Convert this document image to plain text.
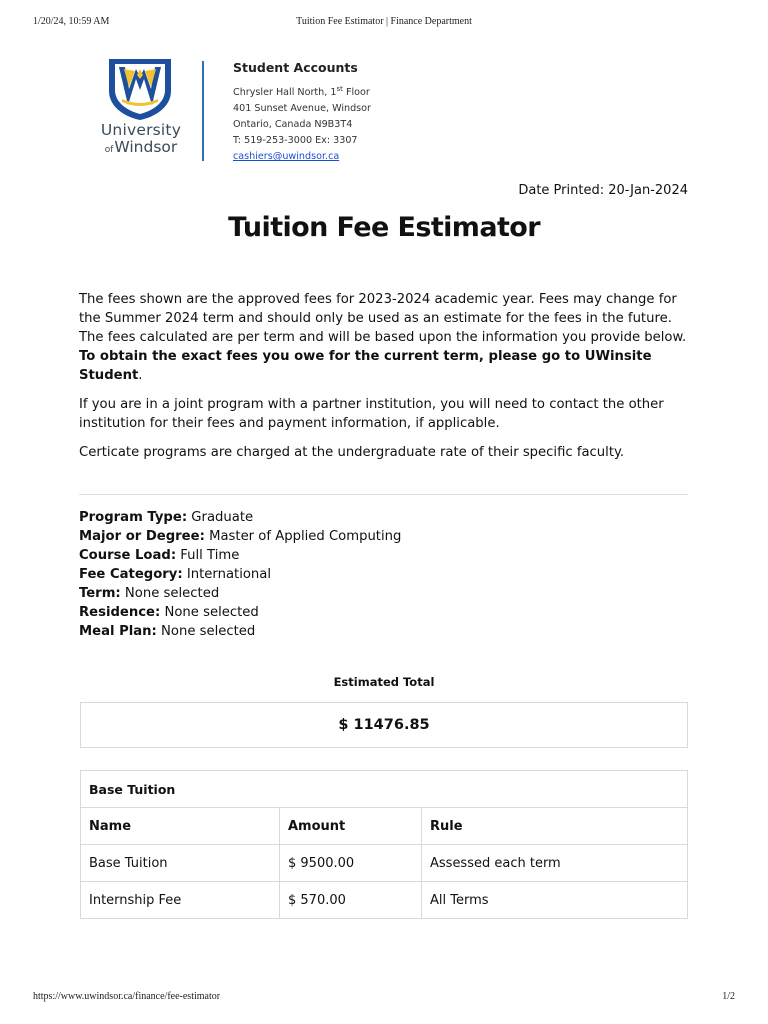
1/20/24, 10:59 AM	Tuition Fee Estimator | Finance Department
University
ofWindsor
Student Accounts
Chrysler Hall North, 1st Floor
401 Sunset Avenue, Windsor
Ontario, Canada N9B3T4
T: 519-253-3000 Ex: 3307
cashiers@uwindsor.ca
Date Printed: 20-Jan-2024
Tuition Fee Estimator

The fees shown are the approved fees for 2023-2024 academic year. Fees may change for the Summer 2024 term and should only be used as an estimate for the fees in the future. The fees calculated are per term and will be based upon the information you provide below. To obtain the exact fees you owe for the current term, please go to UWinsite Student.

If you are in a joint program with a partner institution, you will need to contact the other institution for their fees and payment information, if applicable.

Certicate programs are charged at the undergraduate rate of their specific faculty.

Program Type: Graduate
Major or Degree: Master of Applied Computing
Course Load: Full Time
Fee Category: International
Term: None selected
Residence: None selected
Meal Plan: None selected
Estimated Total
$ 11476.85
Base Tuition		
Name	Amount	Rule
Base Tuition	$ 9500.00	Assessed each term
Internship Fee	$ 570.00	All Terms
https://www.uwindsor.ca/finance/fee-estimator	1/2
